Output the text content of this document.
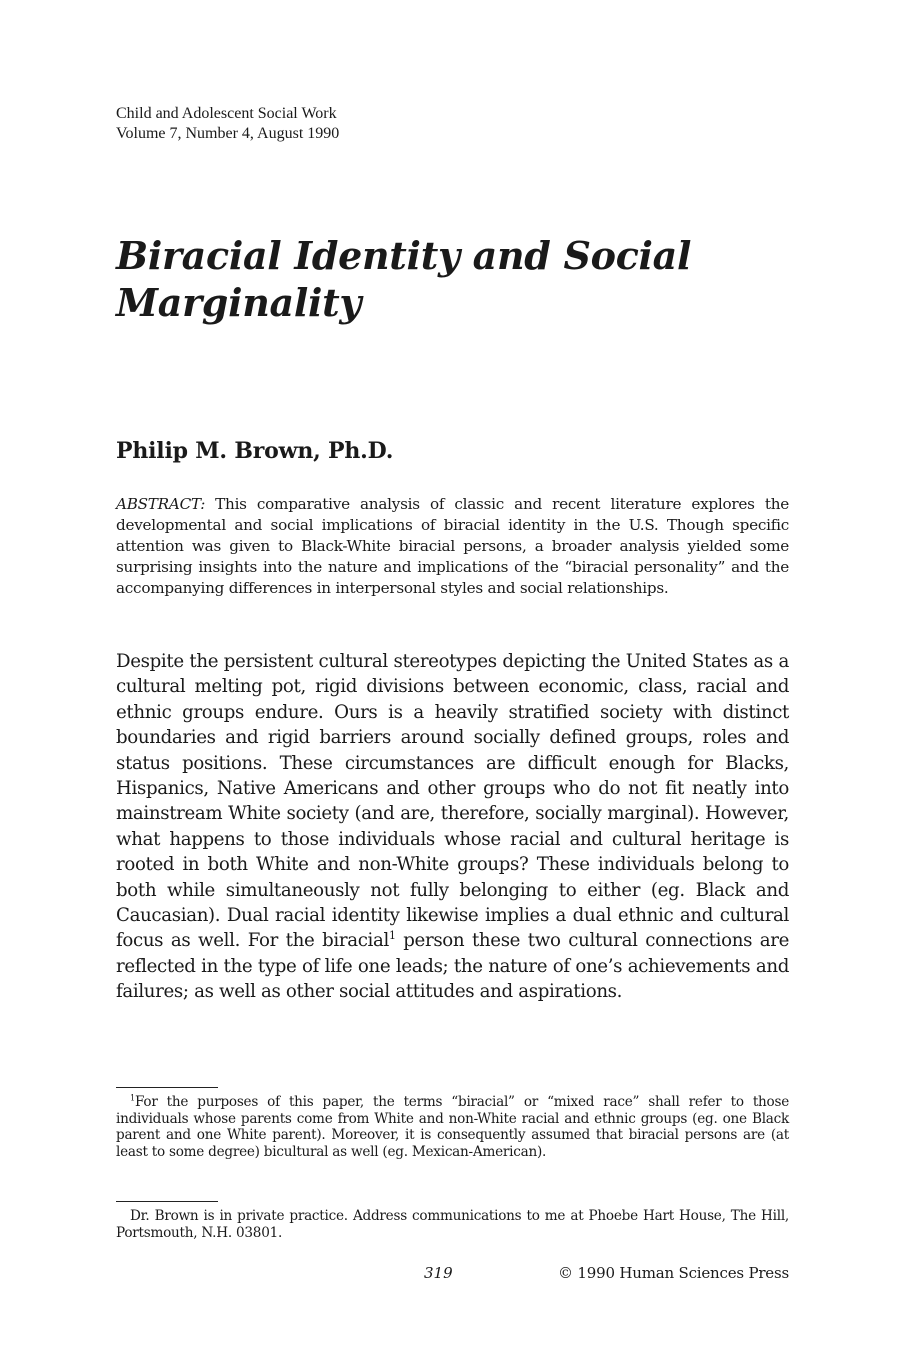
Child and Adolescent Social Work
Volume 7, Number 4, August 1990
Biracial Identity and Social Marginality
Philip M. Brown, Ph.D.

ABSTRACT: This comparative analysis of classic and recent literature explores the developmental and social implications of biracial identity in the U.S. Though specific attention was given to Black-White biracial persons, a broader analysis yielded some surprising insights into the nature and implications of the “biracial personality” and the accompanying differences in interpersonal styles and social relationships.

Despite the persistent cultural stereotypes depicting the United States as a cultural melting pot, rigid divisions between economic, class, racial and ethnic groups endure. Ours is a heavily stratified society with distinct boundaries and rigid barriers around socially defined groups, roles and status positions. These circumstances are difficult enough for Blacks, Hispanics, Native Americans and other groups who do not fit neatly into mainstream White society (and are, therefore, socially marginal). However, what happens to those individuals whose racial and cultural heritage is rooted in both White and non-White groups? These individuals belong to both while simultaneously not fully belonging to either (eg. Black and Caucasian). Dual racial identity likewise implies a dual ethnic and cultural focus as well. For the biracial$^1$ person these two cultural connections are reflected in the type of life one leads; the nature of one’s achievements and failures; as well as other social attitudes and aspirations.

$^1$For the purposes of this paper, the terms “biracial” or “mixed race” shall refer to those individuals whose parents come from White and non-White racial and ethnic groups (eg. one Black parent and one White parent). Moreover, it is consequently assumed that biracial persons are (at least to some degree) bicultural as well (eg. Mexican-American).

Dr. Brown is in private practice. Address communications to me at Phoebe Hart House, The Hill, Portsmouth, N.H. 03801.

319	© 1990 Human Sciences Press
